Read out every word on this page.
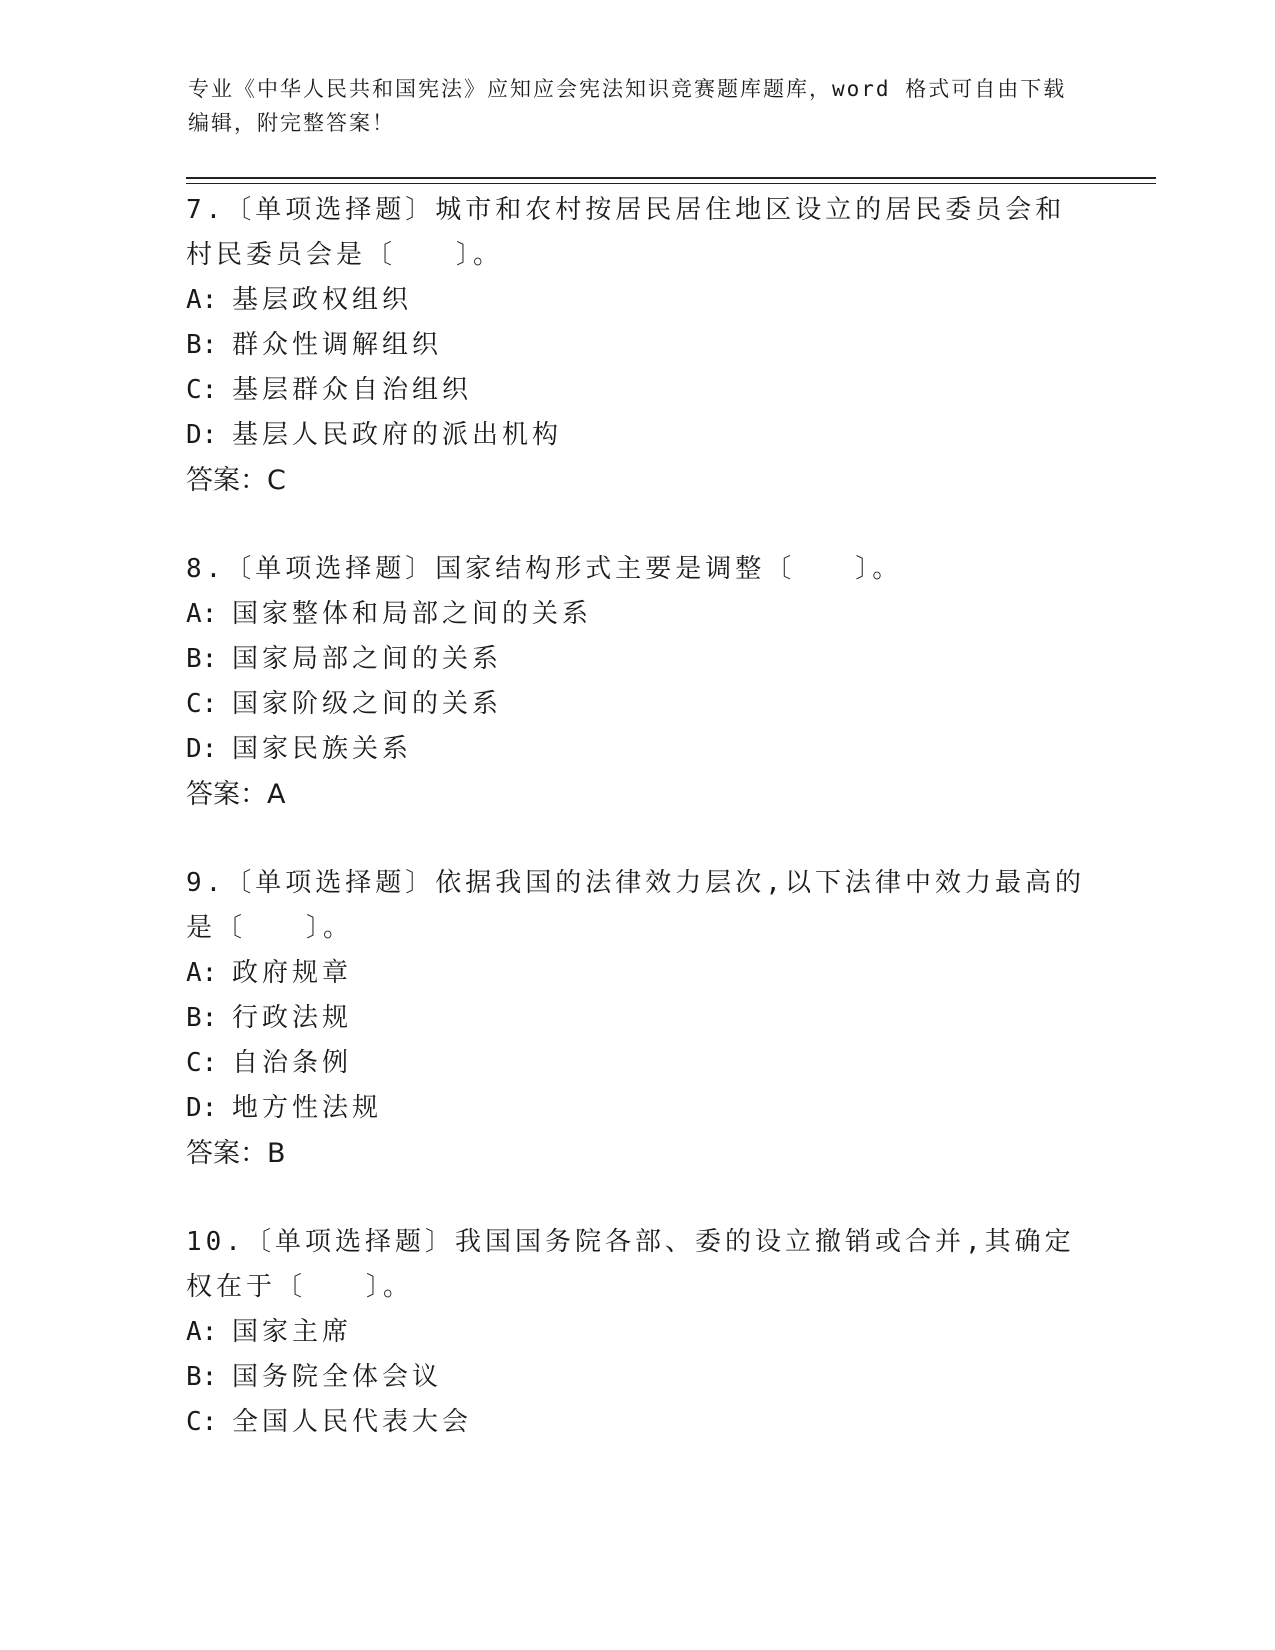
专业《中华人民共和国宪法》应知应会宪法知识竞赛题库题库，word 格式可自由下载编辑，附完整答案！

7.〔单项选择题〕城市和农村按居民居住地区设立的居民委员会和村民委员会是〔　　〕。

A: 基层政权组织

B: 群众性调解组织

C: 基层群众自治组织

D: 基层人民政府的派出机构

答案：C

8.〔单项选择题〕国家结构形式主要是调整〔　　〕。

A: 国家整体和局部之间的关系

B: 国家局部之间的关系

C: 国家阶级之间的关系

D: 国家民族关系

答案：A

9.〔单项选择题〕依据我国的法律效力层次,以下法律中效力最高的是〔　　〕。

A: 政府规章

B: 行政法规

C: 自治条例

D: 地方性法规

答案：B

10.〔单项选择题〕我国国务院各部、委的设立撤销或合并,其确定权在于〔　　〕。

A: 国家主席

B: 国务院全体会议

C: 全国人民代表大会
